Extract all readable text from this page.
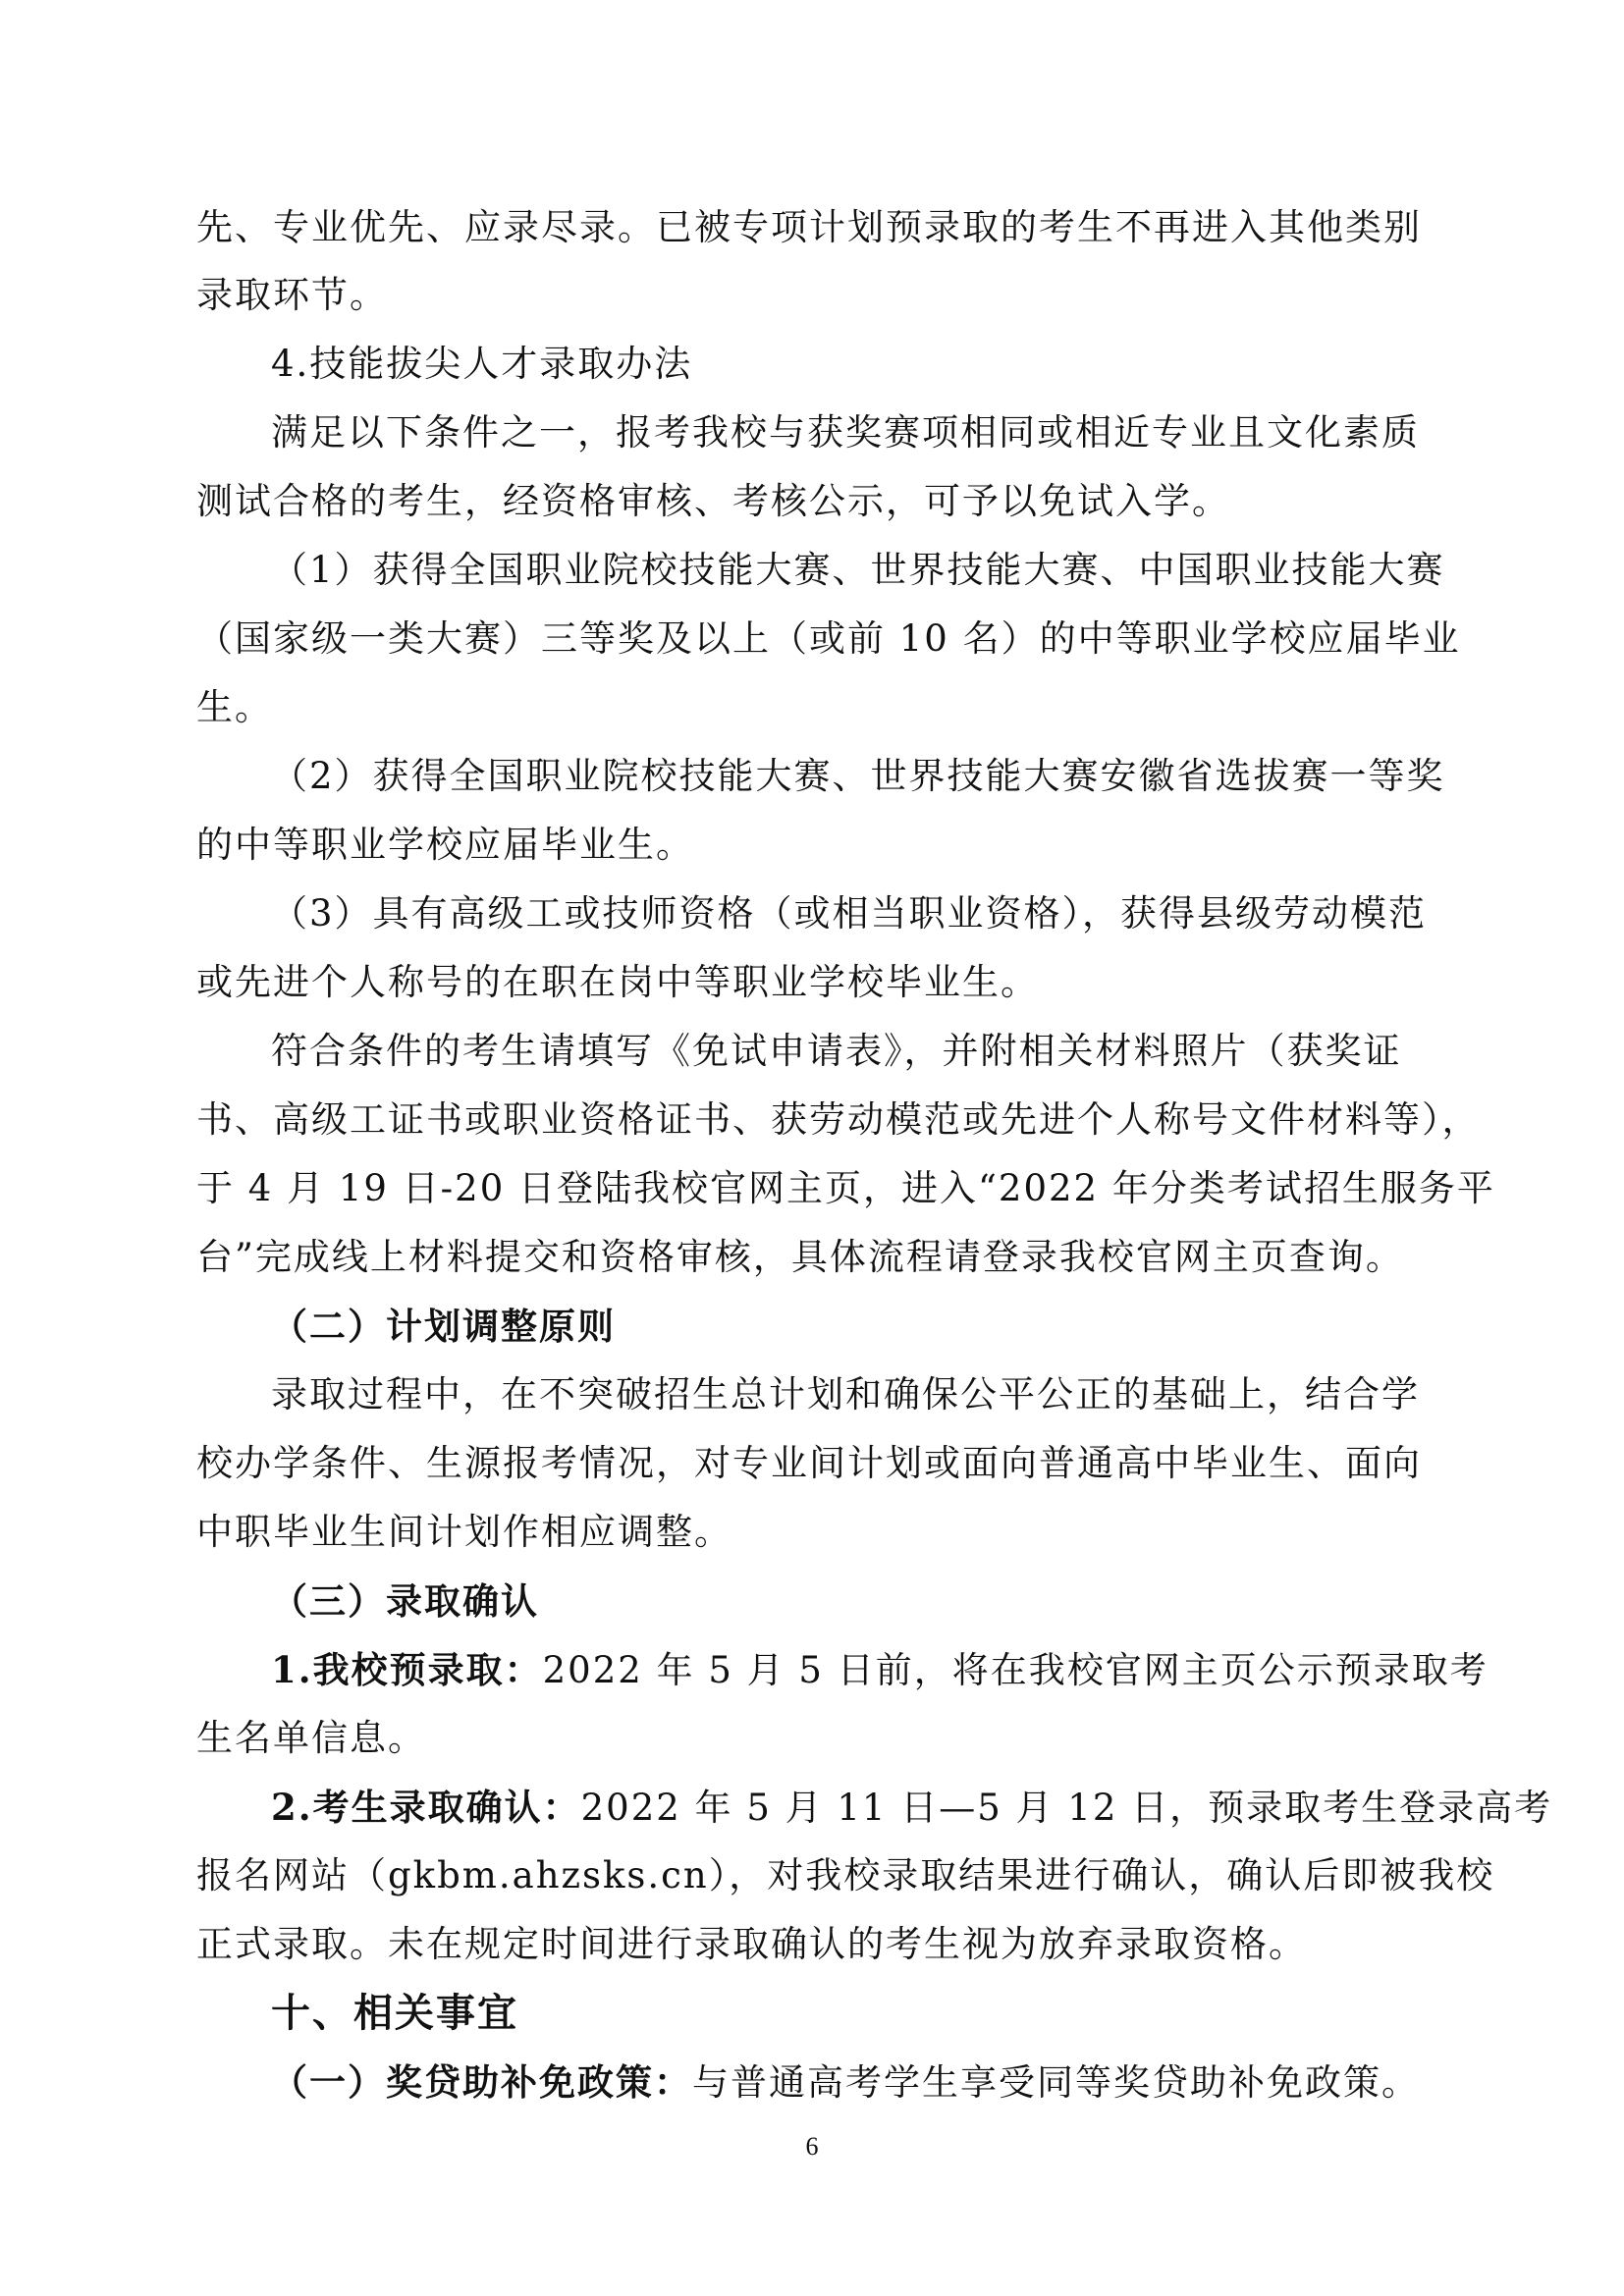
先、专业优先、应录尽录。已被专项计划预录取的考生不再进入其他类别
录取环节。
4.技能拔尖人才录取办法
满足以下条件之一，报考我校与获奖赛项相同或相近专业且文化素质
测试合格的考生，经资格审核、考核公示，可予以免试入学。
（1）获得全国职业院校技能大赛、世界技能大赛、中国职业技能大赛
（国家级一类大赛）三等奖及以上（或前 10 名）的中等职业学校应届毕业
生。
（2）获得全国职业院校技能大赛、世界技能大赛安徽省选拔赛一等奖
的中等职业学校应届毕业生。
（3）具有高级工或技师资格（或相当职业资格），获得县级劳动模范
或先进个人称号的在职在岗中等职业学校毕业生。
符合条件的考生请填写《免试申请表》，并附相关材料照片（获奖证
书、高级工证书或职业资格证书、获劳动模范或先进个人称号文件材料等），
于 4 月 19 日-20 日登陆我校官网主页，进入“2022 年分类考试招生服务平
台”完成线上材料提交和资格审核，具体流程请登录我校官网主页查询。
（二）计划调整原则
录取过程中，在不突破招生总计划和确保公平公正的基础上，结合学
校办学条件、生源报考情况，对专业间计划或面向普通高中毕业生、面向
中职毕业生间计划作相应调整。
（三）录取确认
1.我校预录取：2022 年 5 月 5 日前，将在我校官网主页公示预录取考
生名单信息。
2.考生录取确认：2022 年 5 月 11 日—5 月 12 日，预录取考生登录高考
报名网站（gkbm.ahzsks.cn），对我校录取结果进行确认，确认后即被我校
正式录取。未在规定时间进行录取确认的考生视为放弃录取资格。
十、相关事宜
（一）奖贷助补免政策：与普通高考学生享受同等奖贷助补免政策。
6
